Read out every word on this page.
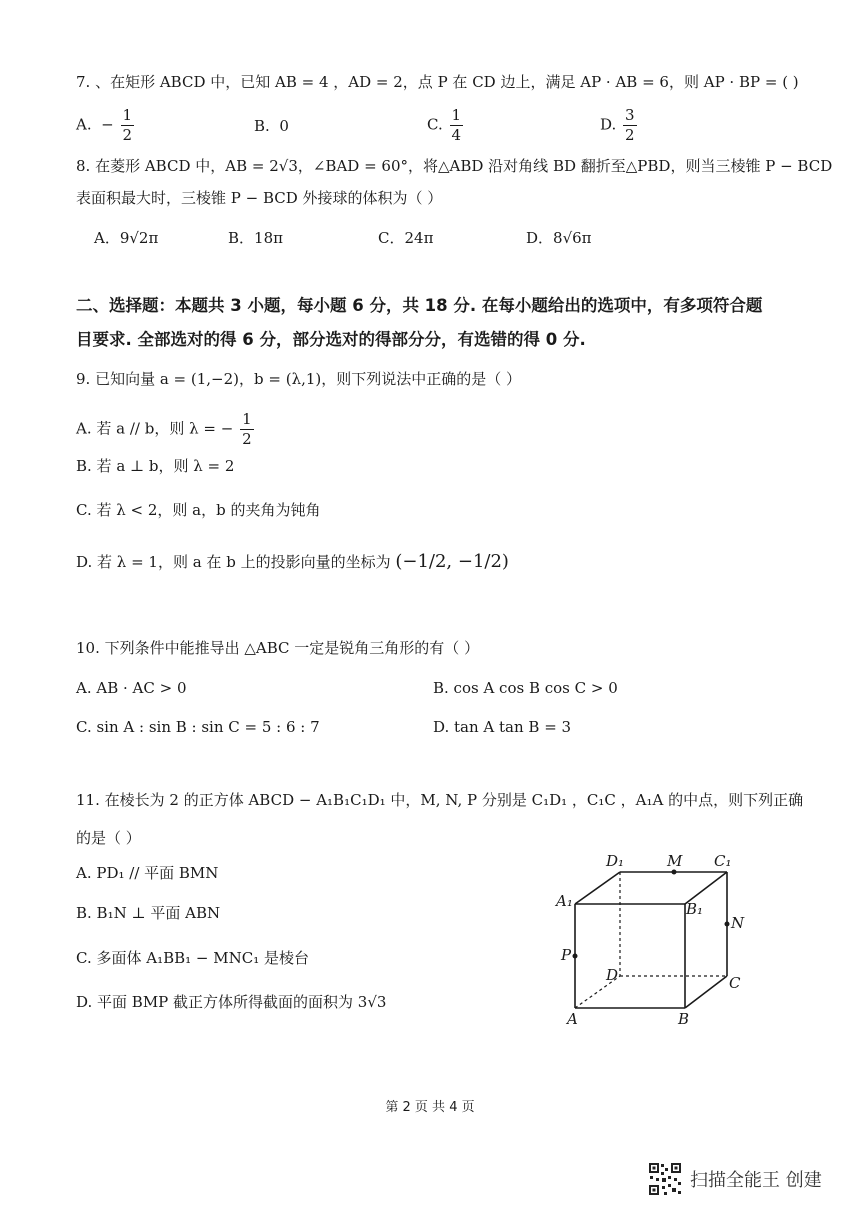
7. 、在矩形 ABCD 中，已知 AB = 4 ，AD = 2，点 P 在 CD 边上，满足 AP · AB = 6，则 AP · BP = ( )
A. − $\frac{1}{2}$	B. 0	C. $\frac{1}{4}$	D. $\frac{3}{2}$
8. 在菱形 ABCD 中，AB = 2√3，∠BAD = 60°，将△ABD 沿对角线 BD 翻折至△PBD，则当三棱锥 P − BCD
表面积最大时，三棱锥 P − BCD 外接球的体积为（ ）
A．9√2π	B．18π	C．24π	D．8√6π
二、选择题：本题共 3 小题，每小题 6 分，共 18 分. 在每小题给出的选项中，有多项符合题
目要求. 全部选对的得 6 分，部分选对的得部分分，有选错的得 0 分.
9. 已知向量 a = (1,−2)，b = (λ,1)，则下列说法中正确的是（ ）
A. 若 a // b，则 λ = − $\frac{1}{2}$
B. 若 a ⊥ b，则 λ = 2
C. 若 λ < 2，则 a，b 的夹角为钝角
D. 若 λ = 1，则 a 在 b 上的投影向量的坐标为 (−1/2, −1/2)
10. 下列条件中能推导出 △ABC 一定是锐角三角形的有（ ）
A. AB · AC > 0	B. cos A cos B cos C > 0
C. sin A : sin B : sin C = 5 : 6 : 7	D. tan A tan B = 3
11. 在棱长为 2 的正方体 ABCD − A₁B₁C₁D₁ 中，M, N, P 分别是 C₁D₁ ，C₁C ，A₁A 的中点，则下列正确
的是（ ）
A. PD₁ // 平面 BMN
B. B₁N ⊥ 平面 ABN
C. 多面体 A₁BB₁ − MNC₁ 是棱台
D. 平面 BMP 截正方体所得截面的面积为 3√3
D₁	M C₁
A₁	B₁
N
P
D	C
A	B
第 2 页 共 4 页
扫描全能王 创建
